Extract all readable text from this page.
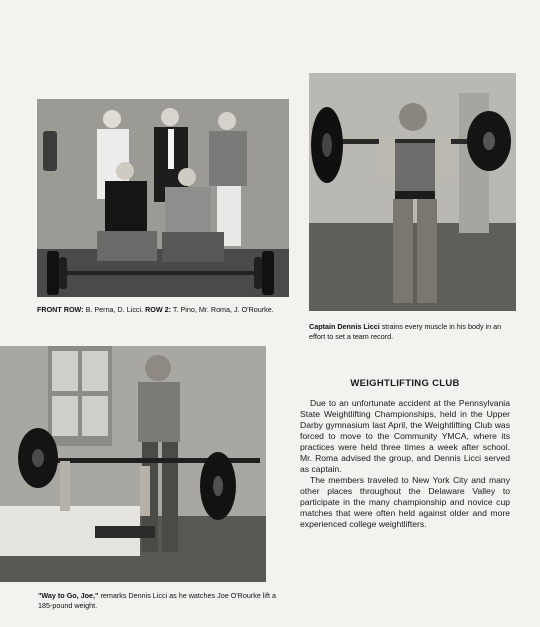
FRONT ROW: B. Perna, D. Licci. ROW 2: T. Pino, Mr. Roma, J. O'Rourke.
Captain Dennis Licci strains every muscle in his body in an effort to set a team record.
"Way to Go, Joe," remarks Dennis Licci as he watches Joe O'Rourke lift a 185-pound weight.
WEIGHTLIFTING CLUB

Due to an unfortunate accident at the Pennsylvania State Weightlifting Championships, held in the Upper Darby gymnasium last April, the Weightlifting Club was forced to move to the Community YMCA, where its practices were held three times a week after school. Mr. Roma advised the group, and Dennis Licci served as captain.

The members traveled to New York City and many other places throughout the Delaware Valley to participate in the many championship and novice cup matches that were often held against older and more experienced college weightlifters.
